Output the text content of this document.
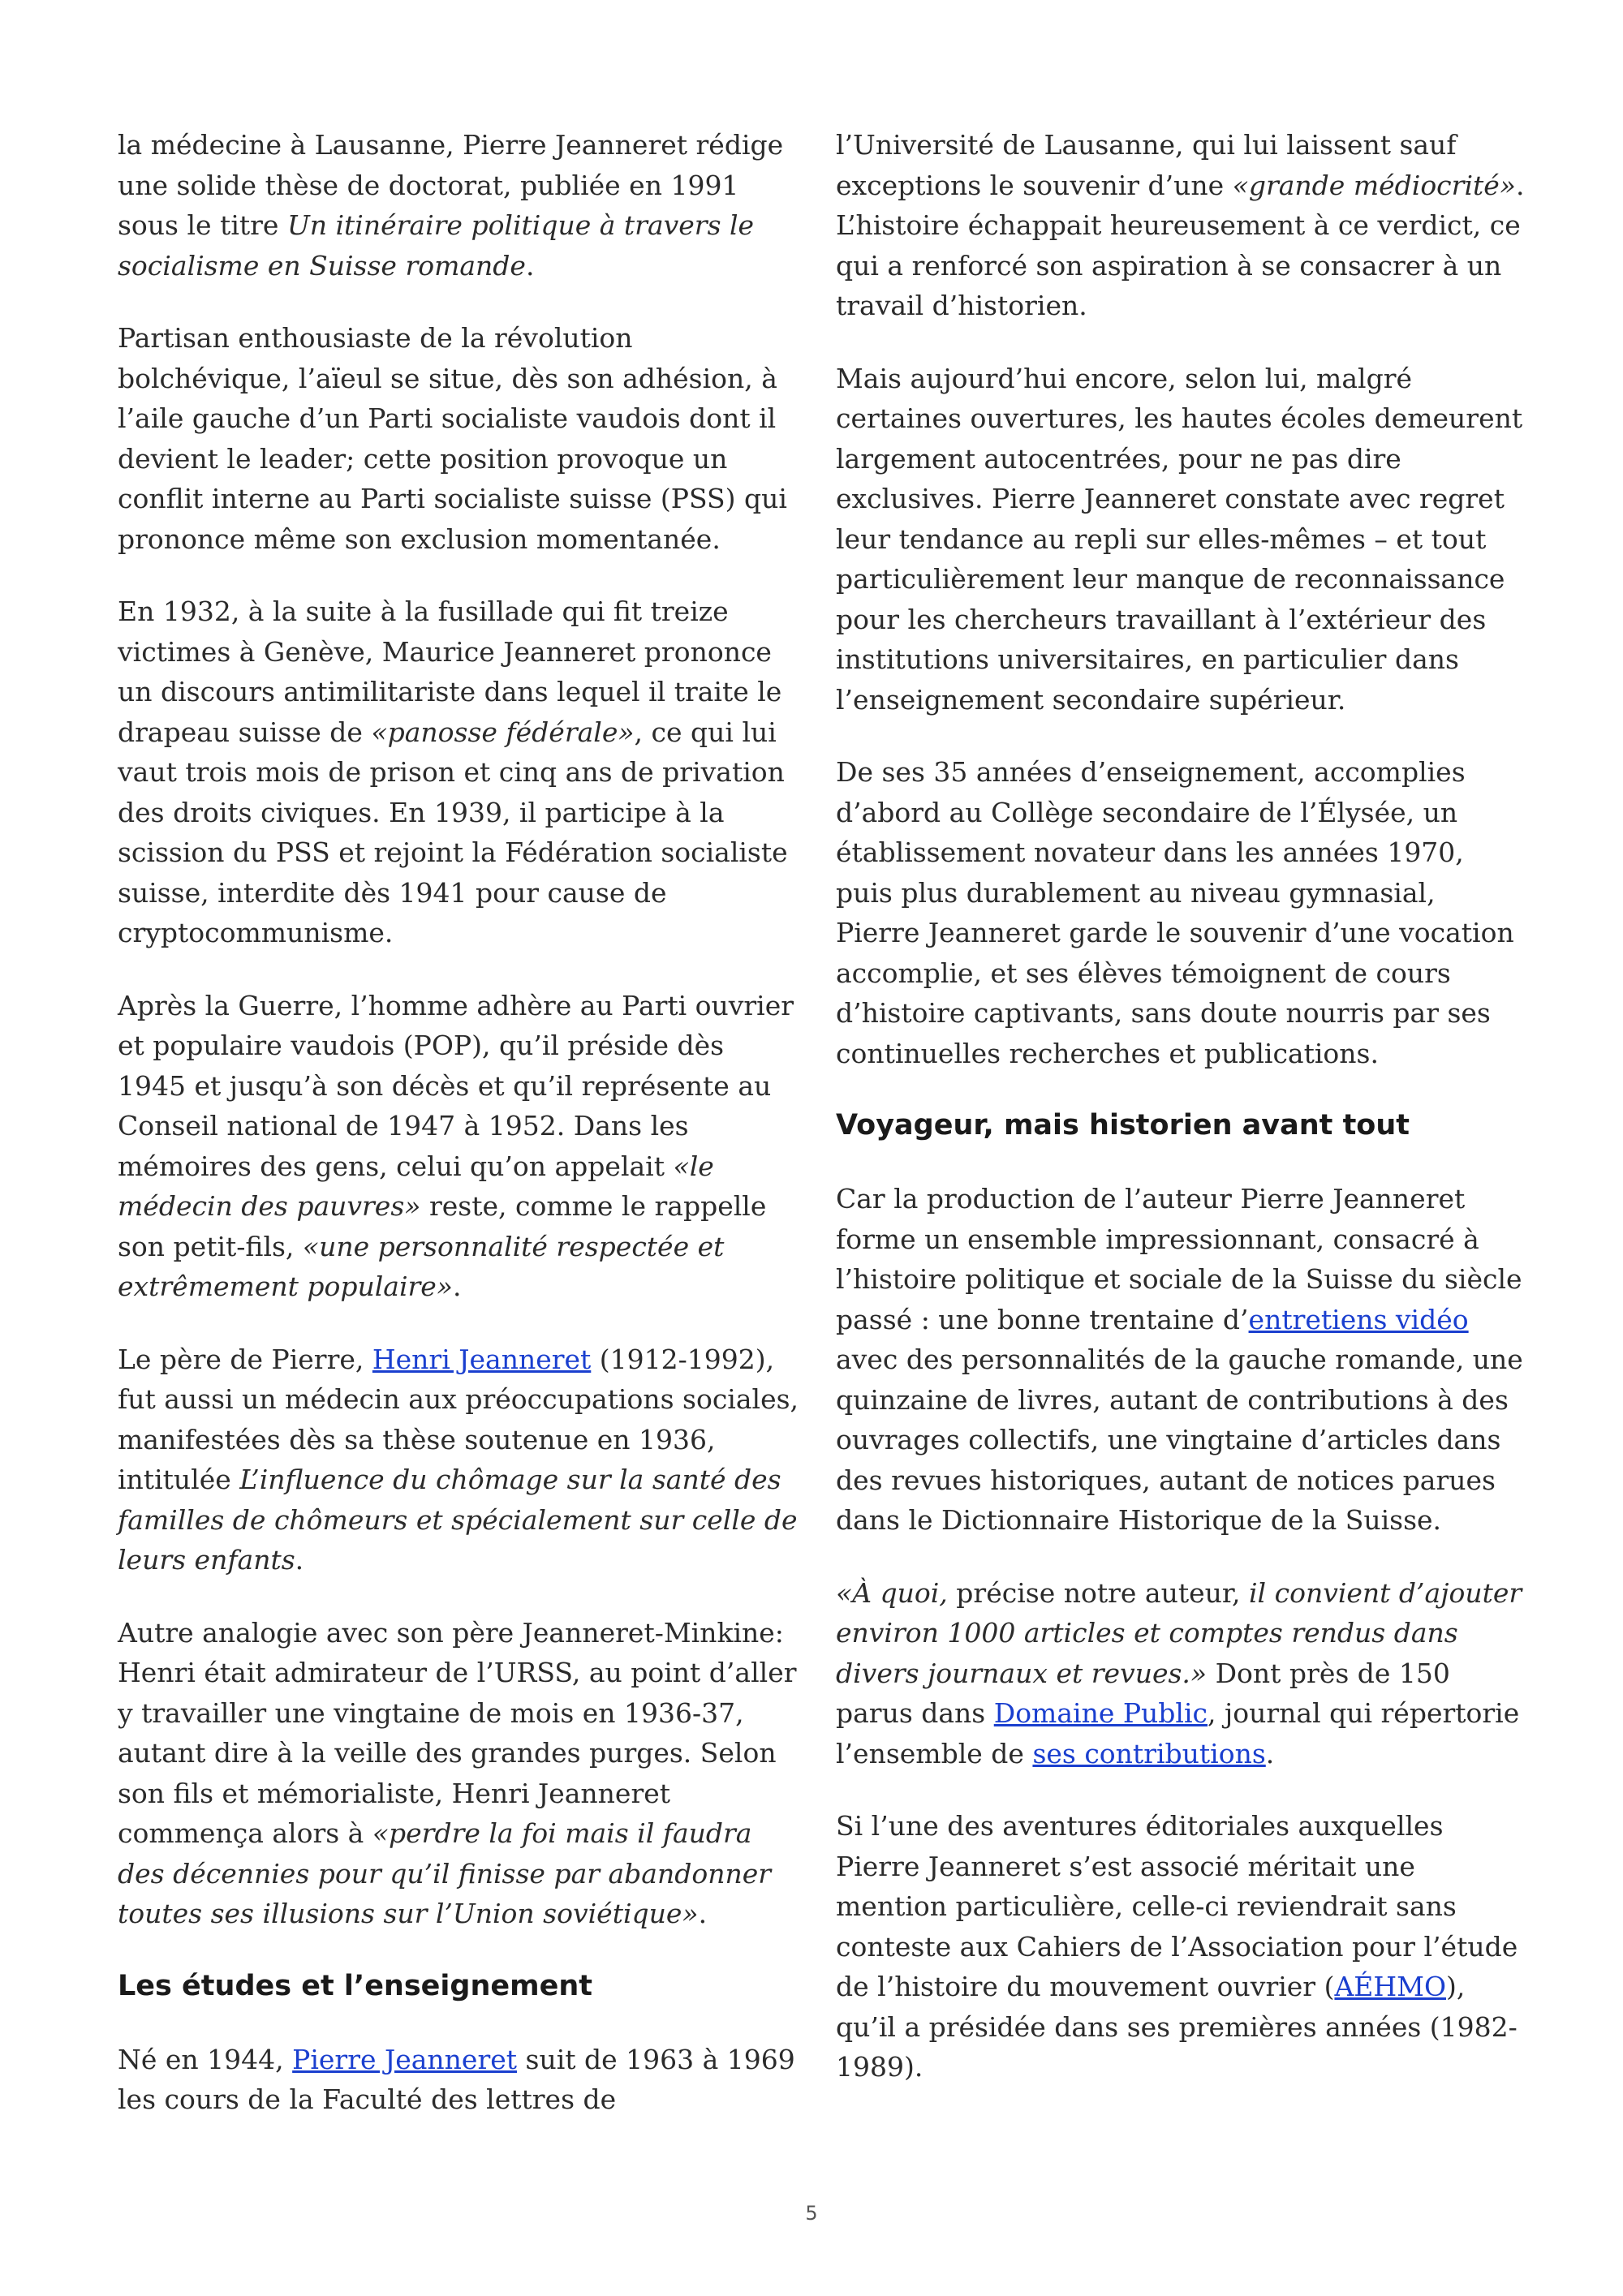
la médecine à Lausanne, Pierre Jeanneret rédige une solide thèse de doctorat, publiée en 1991 sous le titre Un itinéraire politique à travers le socialisme en Suisse romande.

Partisan enthousiaste de la révolution bolchévique, l’aïeul se situe, dès son adhésion, à l’aile gauche d’un Parti socialiste vaudois dont il devient le leader; cette position provoque un conflit interne au Parti socialiste suisse (PSS) qui prononce même son exclusion momentanée.

En 1932, à la suite à la fusillade qui fit treize victimes à Genève, Maurice Jeanneret prononce un discours antimilitariste dans lequel il traite le drapeau suisse de «panosse fédérale», ce qui lui vaut trois mois de prison et cinq ans de privation des droits civiques. En 1939, il participe à la scission du PSS et rejoint la Fédération socialiste suisse, interdite dès 1941 pour cause de cryptocommunisme.

Après la Guerre, l’homme adhère au Parti ouvrier et populaire vaudois (POP), qu’il préside dès 1945 et jusqu’à son décès et qu’il représente au Conseil national de 1947 à 1952. Dans les mémoires des gens, celui qu’on appelait «le médecin des pauvres» reste, comme le rappelle son petit-fils, «une personnalité respectée et extrêmement populaire».

Le père de Pierre, Henri Jeanneret (1912-1992), fut aussi un médecin aux préoccupations sociales, manifestées dès sa thèse soutenue en 1936, intitulée L’influence du chômage sur la santé des familles de chômeurs et spécialement sur celle de leurs enfants.

Autre analogie avec son père Jeanneret-Minkine: Henri était admirateur de l’URSS, au point d’aller y travailler une vingtaine de mois en 1936-37, autant dire à la veille des grandes purges. Selon son fils et mémorialiste, Henri Jeanneret commença alors à «perdre la foi mais il faudra des décennies pour qu’il finisse par abandonner toutes ses illusions sur l’Union soviétique».

Les études et l’enseignement

Né en 1944, Pierre Jeanneret suit de 1963 à 1969 les cours de la Faculté des lettres de

l’Université de Lausanne, qui lui laissent sauf exceptions le souvenir d’une «grande médiocrité». L’histoire échappait heureusement à ce verdict, ce qui a renforcé son aspiration à se consacrer à un travail d’historien.

Mais aujourd’hui encore, selon lui, malgré certaines ouvertures, les hautes écoles demeurent largement autocentrées, pour ne pas dire exclusives. Pierre Jeanneret constate avec regret leur tendance au repli sur elles-mêmes – et tout particulièrement leur manque de reconnaissance pour les chercheurs travaillant à l’extérieur des institutions universitaires, en particulier dans l’enseignement secondaire supérieur.

De ses 35 années d’enseignement, accomplies d’abord au Collège secondaire de l’Élysée, un établissement novateur dans les années 1970, puis plus durablement au niveau gymnasial, Pierre Jeanneret garde le souvenir d’une vocation accomplie, et ses élèves témoignent de cours d’histoire captivants, sans doute nourris par ses continuelles recherches et publications.

Voyageur, mais historien avant tout

Car la production de l’auteur Pierre Jeanneret forme un ensemble impressionnant, consacré à l’histoire politique et sociale de la Suisse du siècle passé : une bonne trentaine d’entretiens vidéo avec des personnalités de la gauche romande, une quinzaine de livres, autant de contributions à des ouvrages collectifs, une vingtaine d’articles dans des revues historiques, autant de notices parues dans le Dictionnaire Historique de la Suisse.

«À quoi, précise notre auteur, il convient d’ajouter environ 1000 articles et comptes rendus dans divers journaux et revues.» Dont près de 150 parus dans Domaine Public, journal qui répertorie l’ensemble de ses contributions.

Si l’une des aventures éditoriales auxquelles Pierre Jeanneret s’est associé méritait une mention particulière, celle-ci reviendrait sans conteste aux Cahiers de l’Association pour l’étude de l’histoire du mouvement ouvrier (AÉHMO), qu’il a présidée dans ses premières années (1982-1989).

5
